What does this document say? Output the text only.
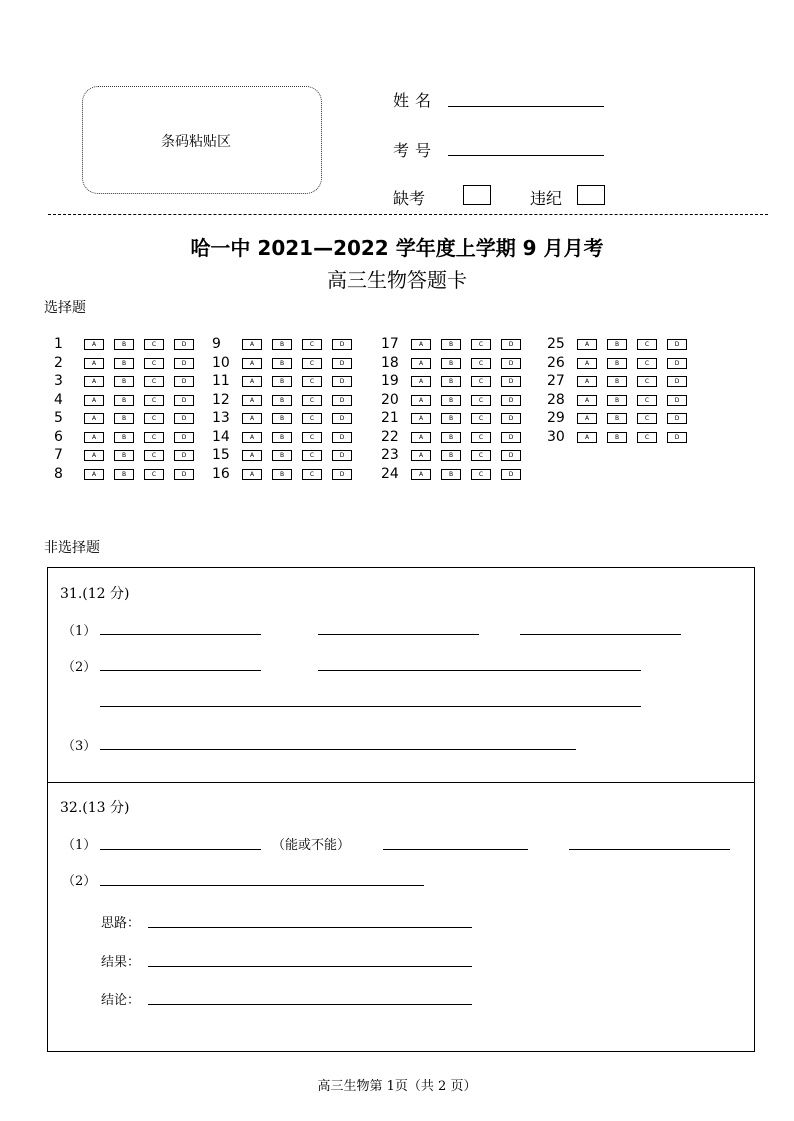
条码粘贴区
姓名
考号
缺考	违纪
哈一中 2021—2022 学年度上学期 9 月月考
高三生物答题卡
选择题
1	A	B	C	D
2	A	B	C	D
3	A	B	C	D
4	A	B	C	D
5	A	B	C	D
6	A	B	C	D
7	A	B	C	D
8	A	B	C	D
9	A	B	C	D
10	A	B	C	D
11	A	B	C	D
12	A	B	C	D
13	A	B	C	D
14	A	B	C	D
15	A	B	C	D
16	A	B	C	D
17	A	B	C	D
18	A	B	C	D
19	A	B	C	D
20	A	B	C	D
21	A	B	C	D
22	A	B	C	D
23	A	B	C	D
24	A	B	C	D
25	A	B	C	D
26	A	B	C	D
27	A	B	C	D
28	A	B	C	D
29	A	B	C	D
30	A	B	C	D
非选择题
31.(12 分)
（1）
（2）
（3）
32.(13 分)
（1）	（能或不能）
（2）
思路：
结果：
结论：
高三生物第 1页（共 2 页）
